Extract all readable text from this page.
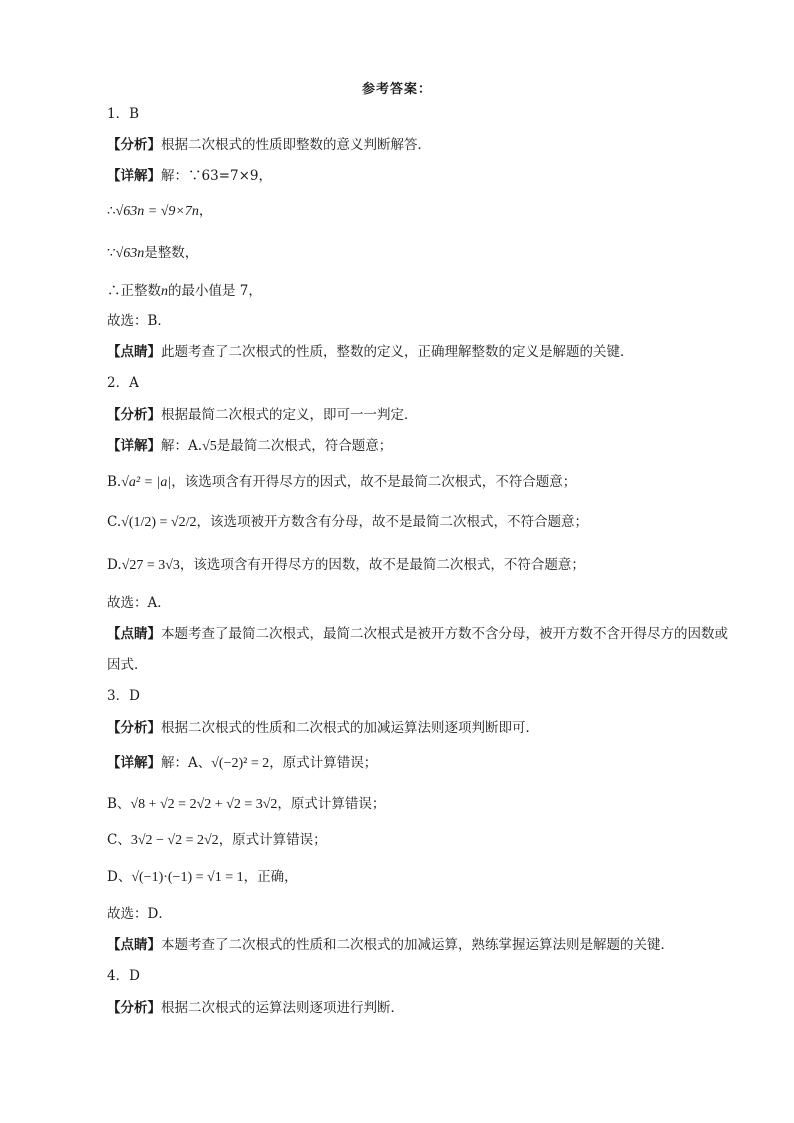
参考答案：
1．B
【分析】根据二次根式的性质即整数的意义判断解答．
【详解】解：∵63=7×9，
∴√63n = √9×7n，
∵√63n是整数，
∴正整数n的最小值是 7，
故选：B．
【点睛】此题考查了二次根式的性质，整数的定义，正确理解整数的定义是解题的关键．
2．A
【分析】根据最简二次根式的定义，即可一一判定．
【详解】解：A.√5是最简二次根式，符合题意；
B.√a² = |a|，该选项含有开得尽方的因式，故不是最简二次根式，不符合题意；
C.√(1/2) = √2/2，该选项被开方数含有分母，故不是最简二次根式，不符合题意；
D.√27 = 3√3，该选项含有开得尽方的因数，故不是最简二次根式，不符合题意；
故选：A．
【点睛】本题考查了最简二次根式，最简二次根式是被开方数不含分母，被开方数不含开得尽方的因数或
因式．
3．D
【分析】根据二次根式的性质和二次根式的加减运算法则逐项判断即可．
【详解】解：A、√(−2)² = 2，原式计算错误；
B、√8 + √2 = 2√2 + √2 = 3√2，原式计算错误；
C、3√2 − √2 = 2√2，原式计算错误；
D、√(−1)·(−1) = √1 = 1，正确，
故选：D．
【点睛】本题考查了二次根式的性质和二次根式的加减运算，熟练掌握运算法则是解题的关键．
4．D
【分析】根据二次根式的运算法则逐项进行判断．
